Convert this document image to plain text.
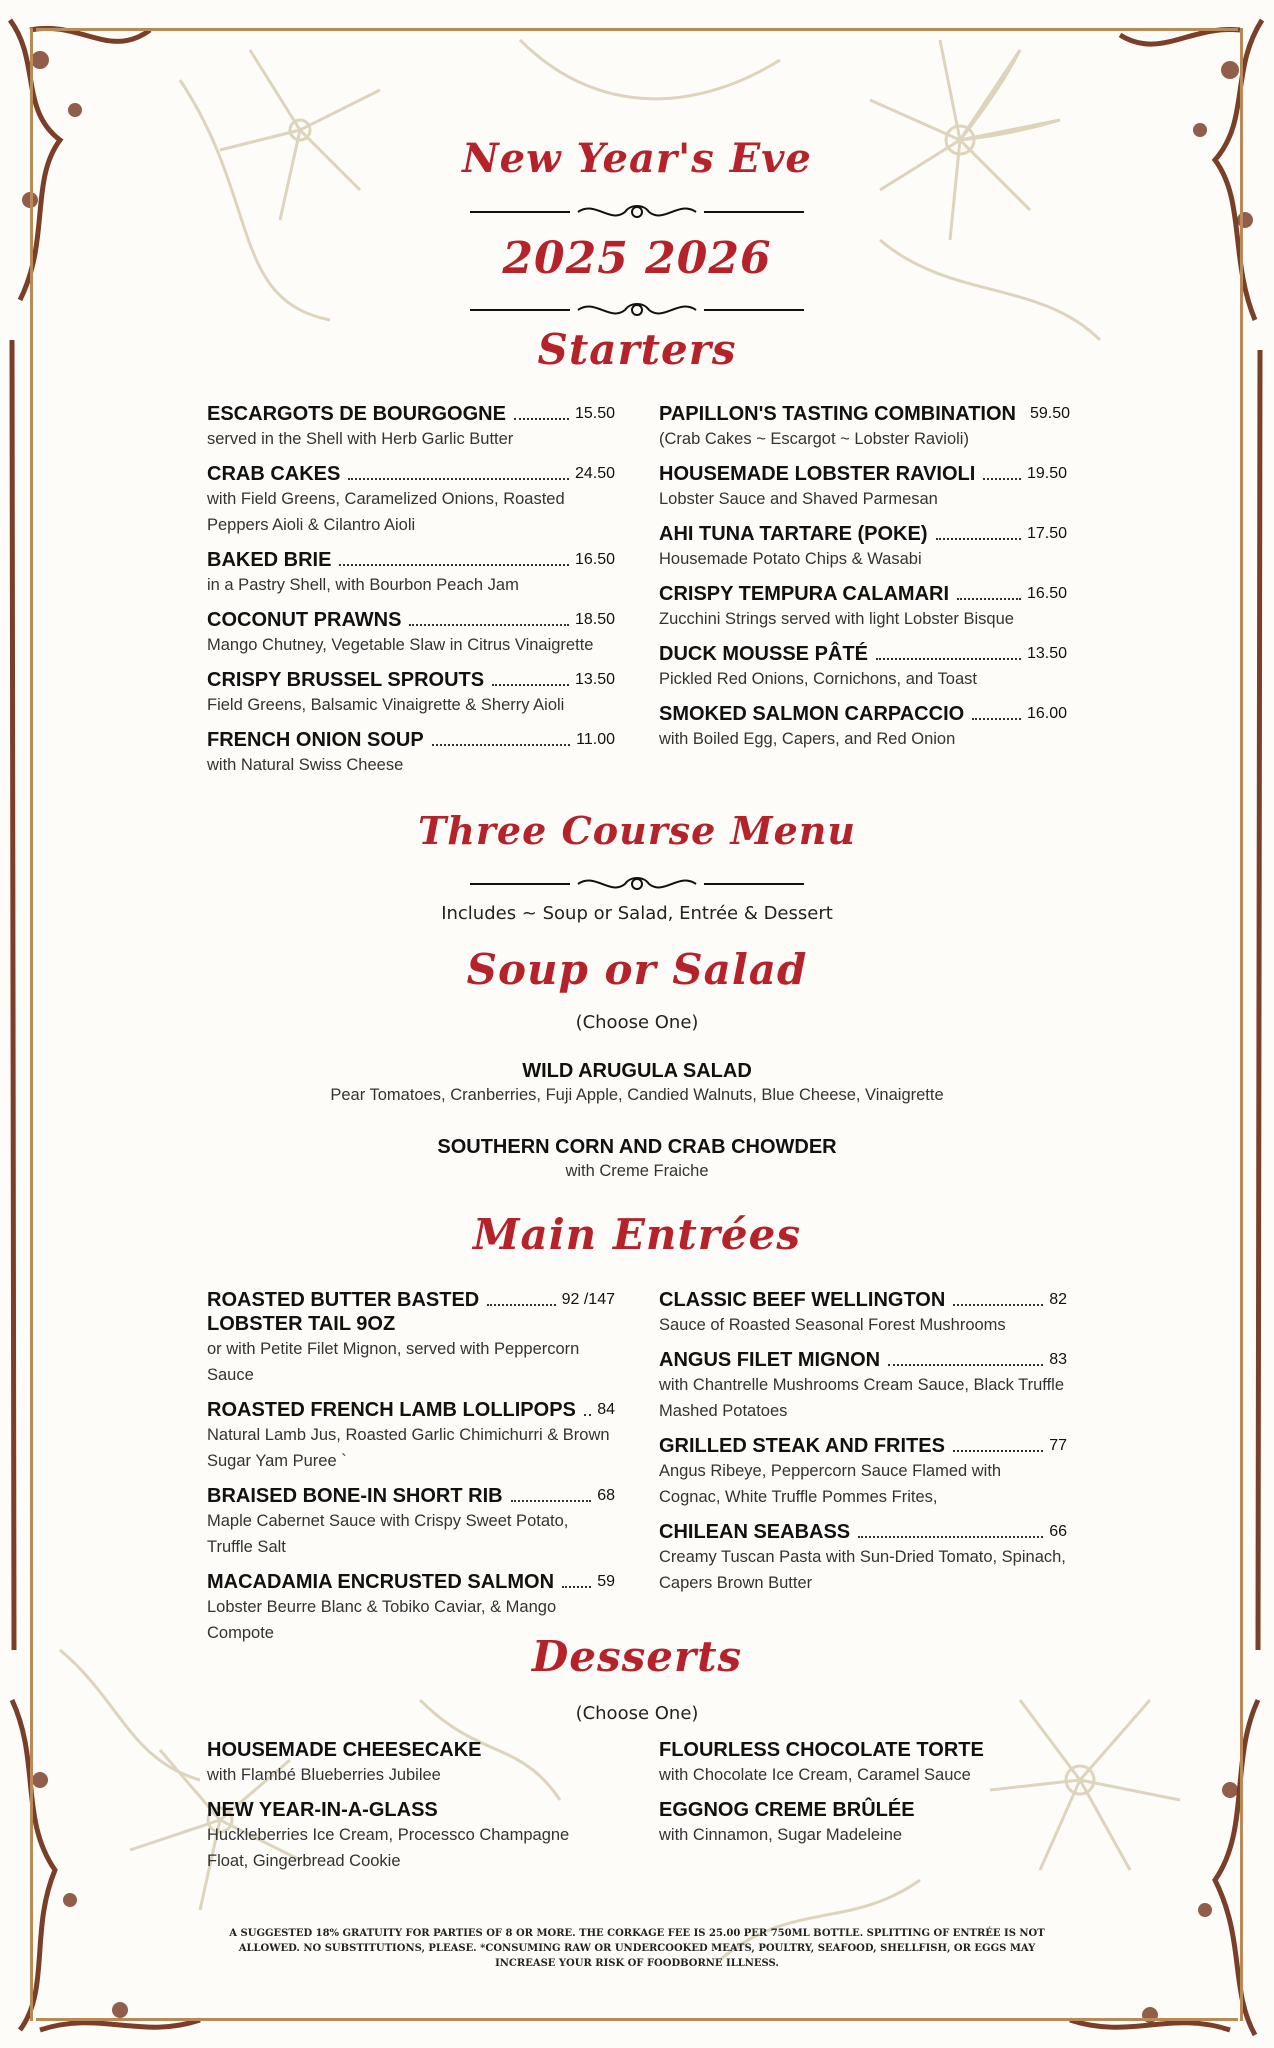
New Year's Eve
2025 2026
Starters
ESCARGOTS DE BOURGOGNE	15.50
served in the Shell with Herb Garlic Butter
CRAB CAKES	24.50
with Field Greens, Caramelized Onions, Roasted Peppers Aioli & Cilantro Aioli
BAKED BRIE	16.50
in a Pastry Shell, with Bourbon Peach Jam
COCONUT PRAWNS	18.50
Mango Chutney, Vegetable Slaw in Citrus Vinaigrette
CRISPY BRUSSEL SPROUTS	13.50
Field Greens, Balsamic Vinaigrette & Sherry Aioli
FRENCH ONION SOUP	11.00
with Natural Swiss Cheese
PAPILLON'S TASTING COMBINATION 59.50
(Crab Cakes ~ Escargot ~ Lobster Ravioli)
HOUSEMADE LOBSTER RAVIOLI	19.50
Lobster Sauce and Shaved Parmesan
AHI TUNA TARTARE (POKE)	17.50
Housemade Potato Chips & Wasabi
CRISPY TEMPURA CALAMARI	16.50
Zucchini Strings served with light Lobster Bisque
DUCK MOUSSE PÂTÉ	13.50
Pickled Red Onions, Cornichons, and Toast
SMOKED SALMON CARPACCIO	16.00
with Boiled Egg, Capers, and Red Onion
Three Course Menu
Includes ~ Soup or Salad, Entrée & Dessert
Soup or Salad
(Choose One)
WILD ARUGULA SALAD
Pear Tomatoes, Cranberries, Fuji Apple, Candied Walnuts, Blue Cheese, Vinaigrette
SOUTHERN CORN AND CRAB CHOWDER
with Creme Fraiche
Main Entrées
ROASTED BUTTER BASTED	92 /147
LOBSTER TAIL 9OZ
or with Petite Filet Mignon, served with Peppercorn Sauce
ROASTED FRENCH LAMB LOLLIPOPS 84
Natural Lamb Jus, Roasted Garlic Chimichurri & Brown Sugar Yam Puree `
BRAISED BONE-IN SHORT RIB	68
Maple Cabernet Sauce with Crispy Sweet Potato, Truffle Salt
MACADAMIA ENCRUSTED SALMON	59
Lobster Beurre Blanc & Tobiko Caviar, & Mango Compote
CLASSIC BEEF WELLINGTON	82
Sauce of Roasted Seasonal Forest Mushrooms
ANGUS FILET MIGNON	83
with Chantrelle Mushrooms Cream Sauce, Black Truffle Mashed Potatoes
GRILLED STEAK AND FRITES	77
Angus Ribeye, Peppercorn Sauce Flamed with Cognac, White Truffle Pommes Frites,
CHILEAN SEABASS	66
Creamy Tuscan Pasta with Sun-Dried Tomato, Spinach, Capers Brown Butter
Desserts
(Choose One)
HOUSEMADE CHEESECAKE
with Flambé Blueberries Jubilee
NEW YEAR-IN-A-GLASS
Huckleberries Ice Cream, Processco Champagne Float, Gingerbread Cookie
FLOURLESS CHOCOLATE TORTE
with Chocolate Ice Cream, Caramel Sauce
EGGNOG CREME BRÛLÉE
with Cinnamon, Sugar Madeleine
A SUGGESTED 18% GRATUITY FOR PARTIES OF 8 OR MORE. THE CORKAGE FEE IS 25.00 PER 750ML BOTTLE. SPLITTING OF ENTRÉE IS NOT ALLOWED. NO SUBSTITUTIONS, PLEASE. *CONSUMING RAW OR UNDERCOOKED MEATS, POULTRY, SEAFOOD, SHELLFISH, OR EGGS MAY INCREASE YOUR RISK OF FOODBORNE ILLNESS.
